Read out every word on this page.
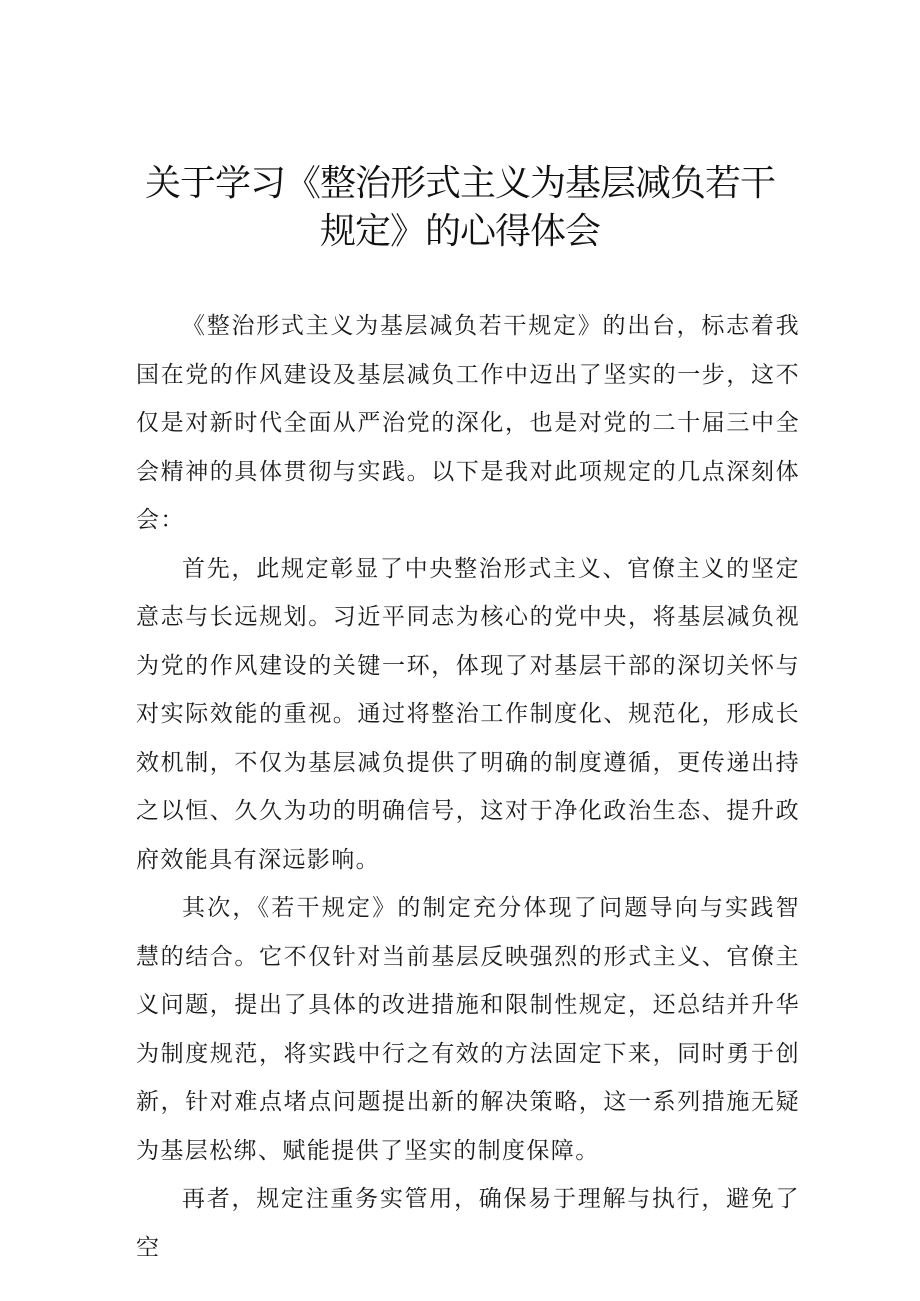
关于学习《整治形式主义为基层减负若干
规定》的心得体会

《整治形式主义为基层减负若干规定》的出台，标志着我国在党的作风建设及基层减负工作中迈出了坚实的一步，这不仅是对新时代全面从严治党的深化，也是对党的二十届三中全会精神的具体贯彻与实践。以下是我对此项规定的几点深刻体会：

首先，此规定彰显了中央整治形式主义、官僚主义的坚定意志与长远规划。习近平同志为核心的党中央，将基层减负视为党的作风建设的关键一环，体现了对基层干部的深切关怀与对实际效能的重视。通过将整治工作制度化、规范化，形成长效机制，不仅为基层减负提供了明确的制度遵循，更传递出持之以恒、久久为功的明确信号，这对于净化政治生态、提升政府效能具有深远影响。

其次，《若干规定》的制定充分体现了问题导向与实践智慧的结合。它不仅针对当前基层反映强烈的形式主义、官僚主义问题，提出了具体的改进措施和限制性规定，还总结并升华为制度规范，将实践中行之有效的方法固定下来，同时勇于创新，针对难点堵点问题提出新的解决策略，这一系列措施无疑为基层松绑、赋能提供了坚实的制度保障。

再者，规定注重务实管用，确保易于理解与执行，避免了空
